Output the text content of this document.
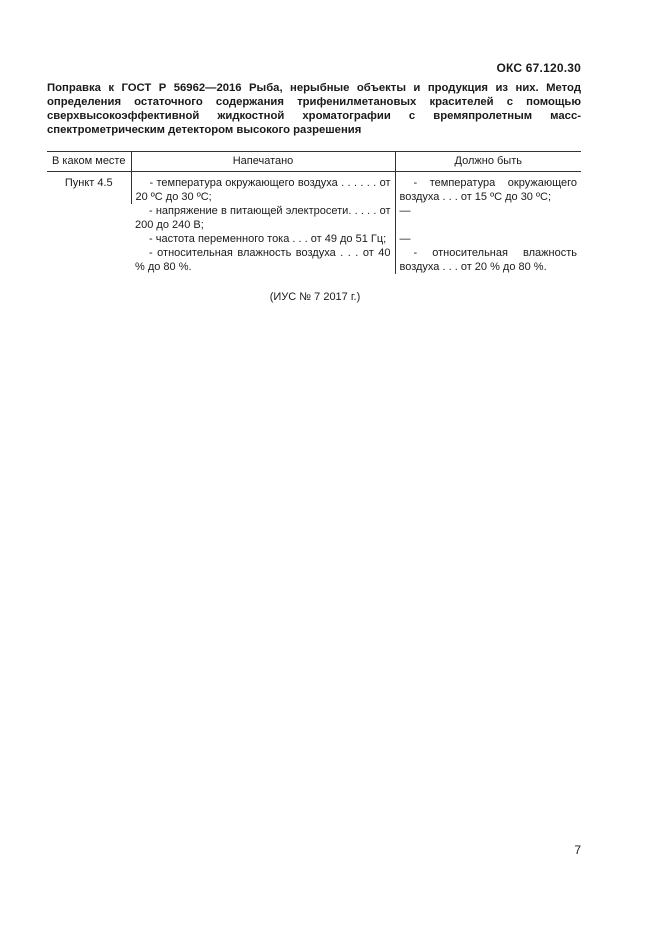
ОКС 67.120.30
Поправка к ГОСТ Р 56962—2016 Рыба, нерыбные объекты и продукция из них. Метод определения остаточного содержания трифенилметановых красителей с помощью сверхвысокоэффективной жидкостной хроматографии с времяпролетным масс-спектрометрическим детектором высокого разрешения
В каком месте	Напечатано	Должно быть
Пункт 4.5	- температура окружающего воздуха . . . . . . от 20 ºС до 30 ºС;	- температура окружающего воздуха . . . от 15 ºС до 30 ºС;

	- напряжение в питающей электросети. . . . . от 200 до 240 В;	—

	- частота переменного тока . . . от 49 до 51 Гц;	—

	- относительная влажность воздуха . . . от 40 % до 80 %.	- относительная влажность воздуха . . . от 20 % до 80 %.

(ИУС № 7 2017 г.)
7
